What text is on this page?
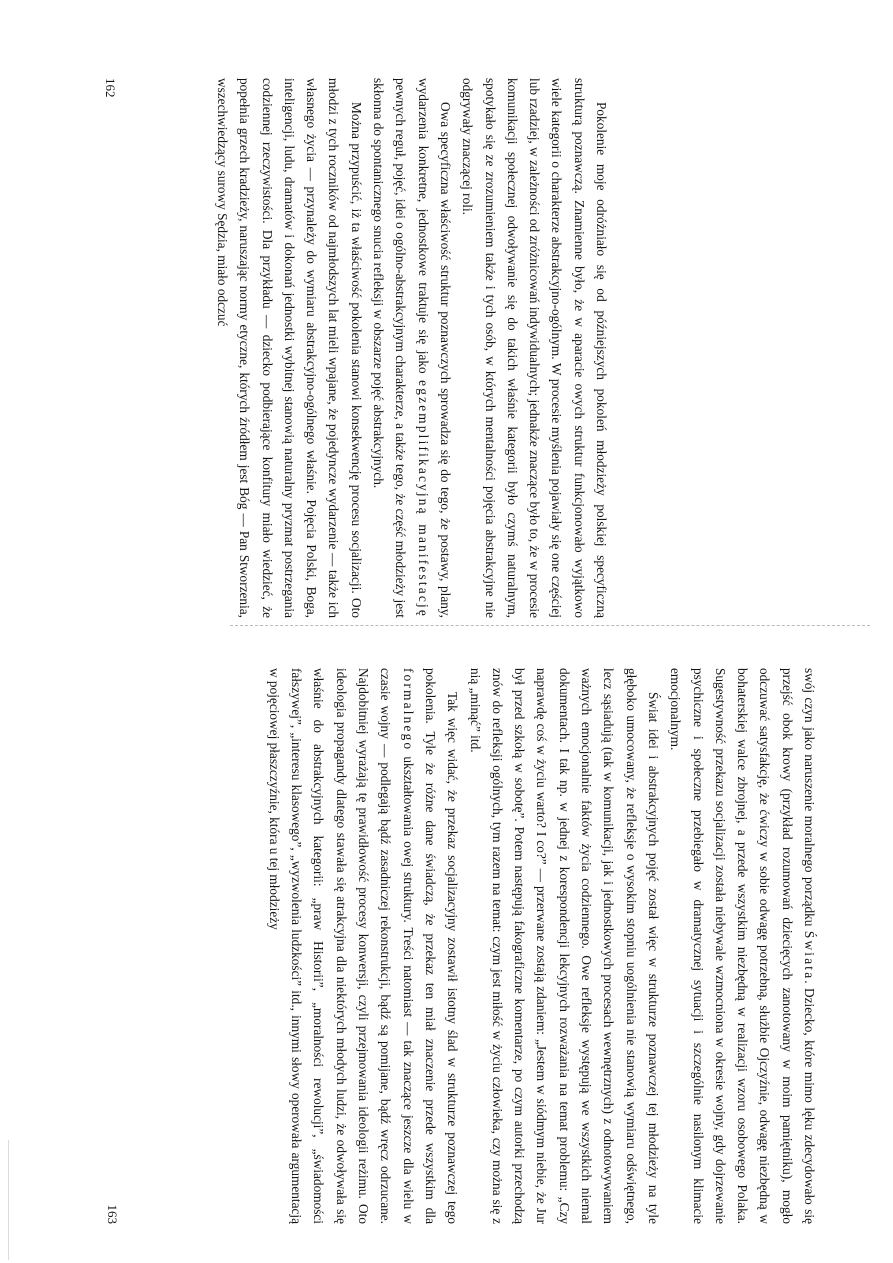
Pokolenie moje odróżniało się od późniejszych pokoleń młodzieży polskiej specyficzną strukturą poznawczą. Znamienne było, że w aparacie owych struktur funkcjonowało wyjątkowo wiele kategorii o charakterze abstrakcyjno-ogólnym. W procesie myślenia pojawiały się one częściej lub rzadziej, w zależności od zróżnicowań indywidualnych; jednakże znaczące było to, że w procesie komunikacji społecznej odwoływanie się do takich właśnie kategorii było czymś naturalnym, spotykało się ze zrozumieniem także i tych osób, w których mentalności pojęcia abstrakcyjne nie odgrywały znaczącej roli.

Owa specyficzna właściwość struktur poznawczych sprowadza się do tego, że postawy, plany, wydarzenia konkretne, jednostkowe traktuje się jako egzemplifikacyjną manifestację pewnych reguł, pojęć, idei o ogólno-abstrakcyjnym charakterze, a także tego, że część młodzieży jest skłonna do spontanicznego snucia refleksji w obszarze pojęć abstrakcyjnych.

Można przypuścić, iż ta właściwość pokolenia stanowi konsekwencję procesu socjalizacji. Oto młodzi z tych roczników od najmłodszych lat mieli wpajane, że pojedyncze wydarzenie — także ich własnego życia — przynależy do wymiaru abstrakcyjno-ogólnego właśnie. Pojęcia Polski, Boga, inteligencji, ludu, dramatów i dokonań jednostki wybitnej stanowią naturalny pryzmat postrzegania codziennej rzeczywistości. Dla przykładu — dziecko podbierające konfitury miało wiedzieć, że popełnia grzech kradzieży, naruszając normy etyczne, których źródłem jest Bóg — Pan Stworzenia, wszechwiedzący surowy Sędzia, miało odczuć

162

swój czyn jako naruszenie moralnego porządku Świata. Dziecko, które mimo lęku zdecydowało się przejść obok krowy (przykład rozumowań dziecięcych zanotowany w moim pamiętniku), mogło odczuwać satysfakcję, że ćwiczy w sobie odwagę potrzebną, służbie Ojczyźnie, odwagę niezbędną w bohaterskiej walce zbrojnej, a przede wszystkim niezbędną w realizacji wzoru osobowego Polaka. Sugestywność przekazu socjalizacji została niebywale wzmocniona w okresie wojny, gdy dojrzewanie psychiczne i społeczne przebiegało w dramatycznej sytuacji i szczególnie nasilonym klimacie emocjonalnym.

Świat idei i abstrakcyjnych pojęć został więc w strukturze poznawczej tej młodzieży na tyle głęboko umocowany, że refleksje o wysokim stopniu uogólnienia nie stanowią wymiaru odświętnego, lecz sąsiadują (tak w komunikacji, jak i jednostkowych procesach wewnętrznych) z odnotowywaniem ważnych emocjonalnie faktów życia codziennego. Owe refleksje występują we wszystkich niemal dokumentach. I tak np. w jednej z korespondencji lekcyjnych rozważania na temat problemu: „Czy naprawdę coś w życiu warto? I co?” — przerwane zostają zdaniem: „Jestem w siódmym niebie, że Jur był przed szkołą w sobotę”. Potem następują fakograficzne komentarze, po czym autorki przechodzą znów do refleksji ogólnych, tym razem na temat: czym jest miłość w życiu człowieka, czy można się z nią „minąć” itd.

Tak więc widać, że przekaz socjalizacyjny zostawił istotny ślad w strukturze poznawczej tego pokolenia. Tyle że różne dane świadczą, że przekaz ten miał znaczenie przede wszystkim dla formalnego ukształtowania owej struktury. Treści natomiast — tak znaczące jeszcze dla wielu w czasie wojny — podlegają bądź zasadniczej rekonstrukcji, bądź są pomijane, bądź wręcz odrzucane. Najdobitniej wyrażają tę prawidłowość procesy konwersji, czyli przejmowania ideologii reżimu. Oto ideologia propagandy dlatego stawała się atrakcyjna dla niektórych młodych ludzi, że odwoływała się właśnie do abstrakcyjnych kategorii: „praw Historii”, „moralności rewolucji”, „świadomości fałszywej”, „interesu klasowego”, „wyzwolenia ludzkości” itd., innymi słowy operowała argumentacją w pojęciowej płaszczyźnie, która u tej młodzieży

163
